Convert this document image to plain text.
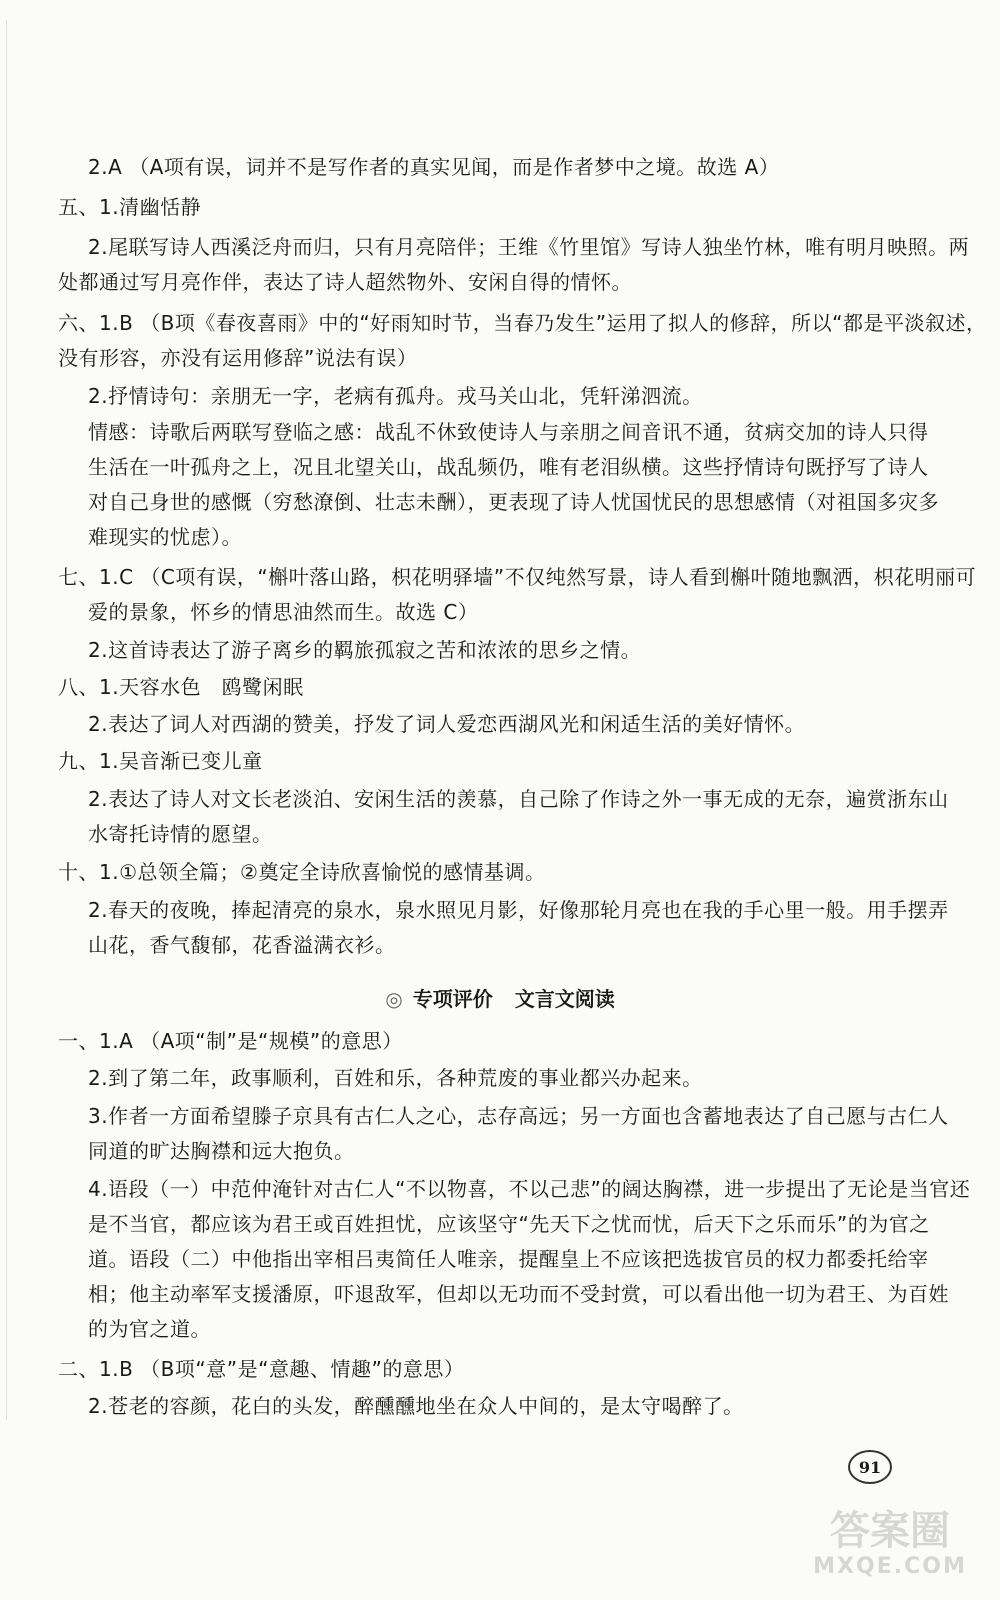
2.A （A项有误，词并不是写作者的真实见闻，而是作者梦中之境。故选 A）
五、1.清幽恬静
2.尾联写诗人西溪泛舟而归，只有月亮陪伴；王维《竹里馆》写诗人独坐竹林，唯有明月映照。两
处都通过写月亮作伴，表达了诗人超然物外、安闲自得的情怀。
六、1.B （B项《春夜喜雨》中的“好雨知时节，当春乃发生”运用了拟人的修辞，所以“都是平淡叙述，
没有形容，亦没有运用修辞”说法有误）
2.抒情诗句：亲朋无一字，老病有孤舟。戎马关山北，凭轩涕泗流。
情感：诗歌后两联写登临之感：战乱不休致使诗人与亲朋之间音讯不通，贫病交加的诗人只得
生活在一叶孤舟之上，况且北望关山，战乱频仍，唯有老泪纵横。这些抒情诗句既抒写了诗人
对自己身世的感慨（穷愁潦倒、壮志未酬），更表现了诗人忧国忧民的思想感情（对祖国多灾多
难现实的忧虑）。
七、1.C （C项有误，“槲叶落山路，枳花明驿墙”不仅纯然写景，诗人看到槲叶随地飘洒，枳花明丽可
爱的景象，怀乡的情思油然而生。故选 C）
2.这首诗表达了游子离乡的羁旅孤寂之苦和浓浓的思乡之情。
八、1.天容水色　鸥鹭闲眠
2.表达了词人对西湖的赞美，抒发了词人爱恋西湖风光和闲适生活的美好情怀。
九、1.吴音渐已变儿童
2.表达了诗人对文长老淡泊、安闲生活的羡慕，自己除了作诗之外一事无成的无奈，遍赏浙东山
水寄托诗情的愿望。
十、1.①总领全篇；②奠定全诗欣喜愉悦的感情基调。
2.春天的夜晚，捧起清亮的泉水，泉水照见月影，好像那轮月亮也在我的手心里一般。用手摆弄
山花，香气馥郁，花香溢满衣衫。
◎ 专项评价 文言文阅读
一、1.A （A项“制”是“规模”的意思）
2.到了第二年，政事顺利，百姓和乐，各种荒废的事业都兴办起来。
3.作者一方面希望滕子京具有古仁人之心，志存高远；另一方面也含蓄地表达了自己愿与古仁人
同道的旷达胸襟和远大抱负。
4.语段（一）中范仲淹针对古仁人“不以物喜，不以己悲”的阔达胸襟，进一步提出了无论是当官还
是不当官，都应该为君王或百姓担忧，应该坚守“先天下之忧而忧，后天下之乐而乐”的为官之
道。语段（二）中他指出宰相吕夷简任人唯亲，提醒皇上不应该把选拔官员的权力都委托给宰
相；他主动率军支援潘原，吓退敌军，但却以无功而不受封赏，可以看出他一切为君王、为百姓
的为官之道。
二、1.B （B项“意”是“意趣、情趣”的意思）
2.苍老的容颜，花白的头发，醉醺醺地坐在众人中间的，是太守喝醉了。
91
答案圈
MXQE.COM
